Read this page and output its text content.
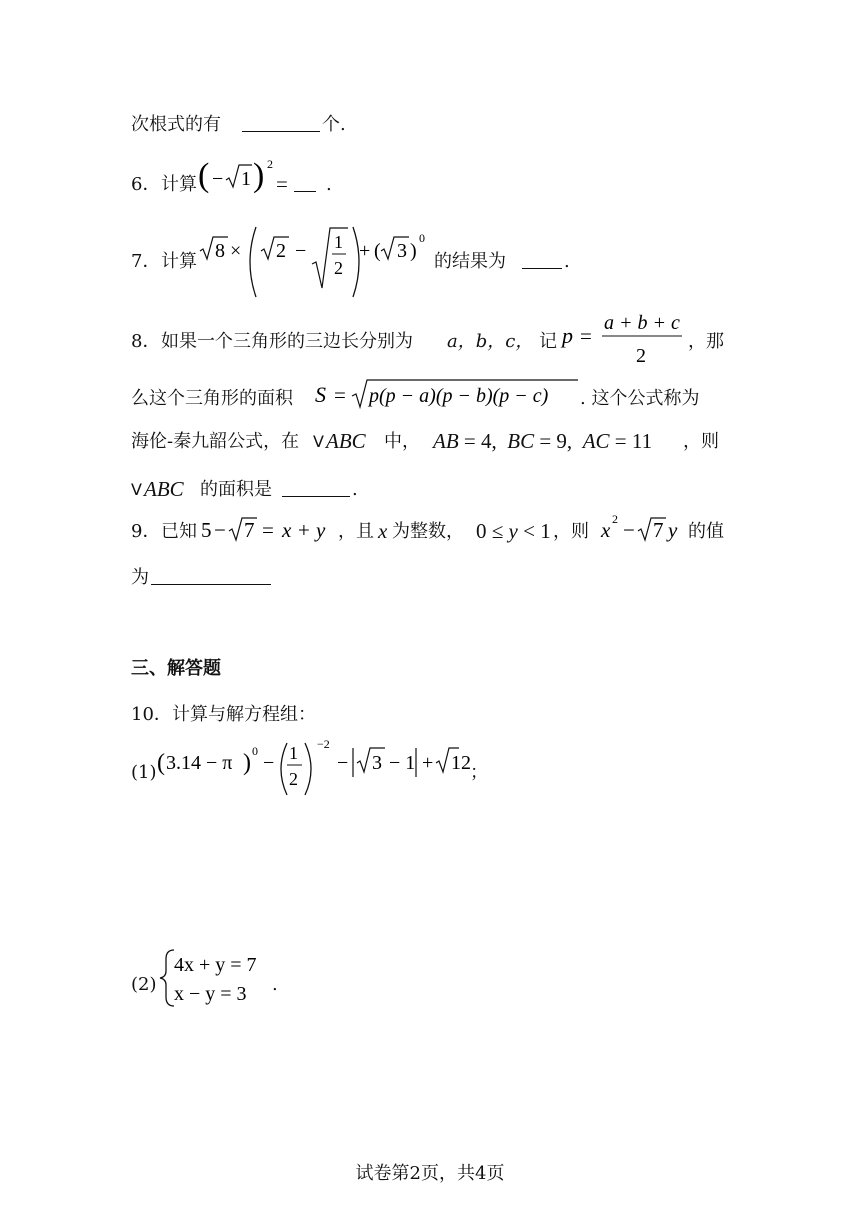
次根式的有	个.
6． 计算 ( − 1 ) 2
= .
7． 计算 8 × 2 − 1
2
+ ( 3 )
0
的结果为	.
8． 如果一个三角形的三边长分别为 a，b，c， 记 p =
a + b + c
2
，那
么这个三角形的面积 S = p(p − a)(p − b)(p − c) . 这个公式称为
海伦-秦九韶公式，在 V ABC 中， AB = 4,  BC = 9,  AC = 11 ，则
V ABC 的面积是	.
9． 已知 5 − 7 = x + y ，且 x 为整数， 0 ≤ y < 1 ，则 x 2 − 7 y 的值
为
三、解答题
10． 计算与解方程组：
(1) ( 3.14 − π ) 0
− 1
2
−2
− 3 − 1 + 12 ；
(2)
4x + y = 7
x − y = 3 .
试卷第2页，共4页
